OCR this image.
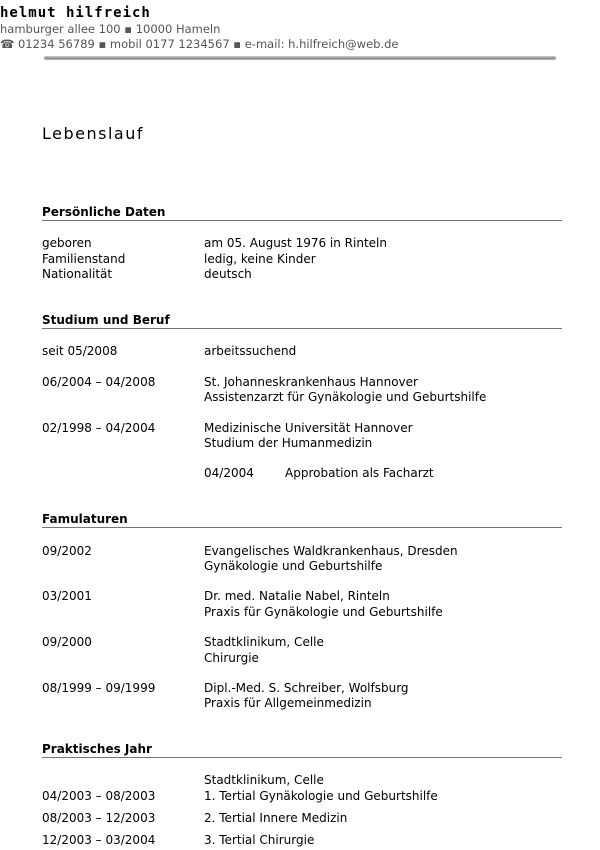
helmut hilfreich
hamburger allee 100 ▪ 10000 Hameln
☎ 01234 56789 ▪ mobil 0177 1234567 ▪ e-mail: h.hilfreich@web.de
Lebenslauf
Persönliche Daten
geboren	am 05. August 1976 in Rinteln
Familienstand	ledig, keine Kinder
Nationalität	deutsch
Studium und Beruf
seit 05/2008	arbeitssuchend
06/2004 – 04/2008	St. Johanneskrankenhaus Hannover
Assistenzarzt für Gynäkologie und Geburtshilfe
02/1998 – 04/2004	Medizinische Universität Hannover
Studium der Humanmedizin
04/2004	Approbation als Facharzt
Famulaturen
09/2002	Evangelisches Waldkrankenhaus, Dresden
Gynäkologie und Geburtshilfe
03/2001	Dr. med. Natalie Nabel, Rinteln
Praxis für Gynäkologie und Geburtshilfe
09/2000	Stadtklinikum, Celle
Chirurgie
08/1999 – 09/1999	Dipl.-Med. S. Schreiber, Wolfsburg
Praxis für Allgemeinmedizin
Praktisches Jahr
Stadtklinikum, Celle
04/2003 – 08/2003	1. Tertial Gynäkologie und Geburtshilfe
08/2003 – 12/2003	2. Tertial Innere Medizin
12/2003 – 03/2004	3. Tertial Chirurgie
